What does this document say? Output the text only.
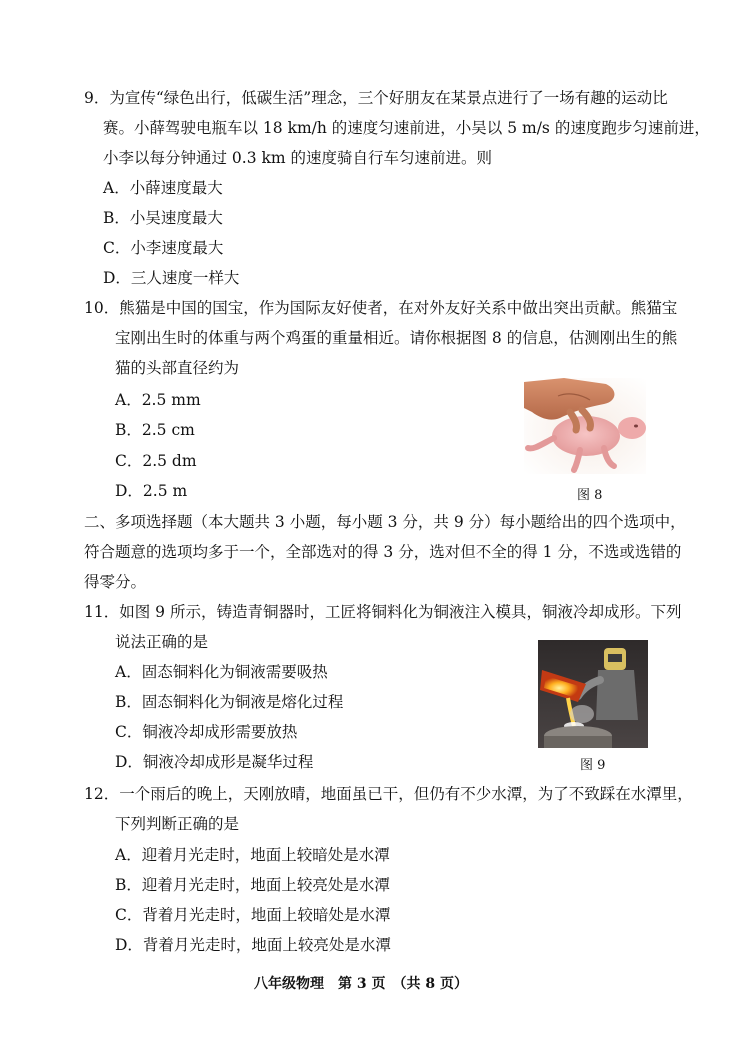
9．为宣传“绿色出行，低碳生活”理念，三个好朋友在某景点进行了一场有趣的运动比
赛。小薛驾驶电瓶车以 18 km/h 的速度匀速前进，小吴以 5 m/s 的速度跑步匀速前进，
小李以每分钟通过 0.3 km 的速度骑自行车匀速前进。则
A．小薛速度最大
B．小吴速度最大
C．小李速度最大
D．三人速度一样大
10．熊猫是中国的国宝，作为国际友好使者，在对外友好关系中做出突出贡献。熊猫宝
宝刚出生时的体重与两个鸡蛋的重量相近。请你根据图 8 的信息，估测刚出生的熊
猫的头部直径约为
A．2.5 mm
B．2.5 cm
C．2.5 dm
D．2.5 m	图 8
二、多项选择题（本大题共 3 小题，每小题 3 分，共 9 分）每小题给出的四个选项中，
符合题意的选项均多于一个，全部选对的得 3 分，选对但不全的得 1 分，不选或选错的
得零分。
11．如图 9 所示，铸造青铜器时，工匠将铜料化为铜液注入模具，铜液冷却成形。下列
说法正确的是
A．固态铜料化为铜液需要吸热
B．固态铜料化为铜液是熔化过程
C．铜液冷却成形需要放热
D．铜液冷却成形是凝华过程	图 9
12．一个雨后的晚上，天刚放晴，地面虽已干，但仍有不少水潭，为了不致踩在水潭里，
下列判断正确的是
A．迎着月光走时，地面上较暗处是水潭
B．迎着月光走时，地面上较亮处是水潭
C．背着月光走时，地面上较暗处是水潭
D．背着月光走时，地面上较亮处是水潭
八年级物理　第 3 页　（共 8 页）
